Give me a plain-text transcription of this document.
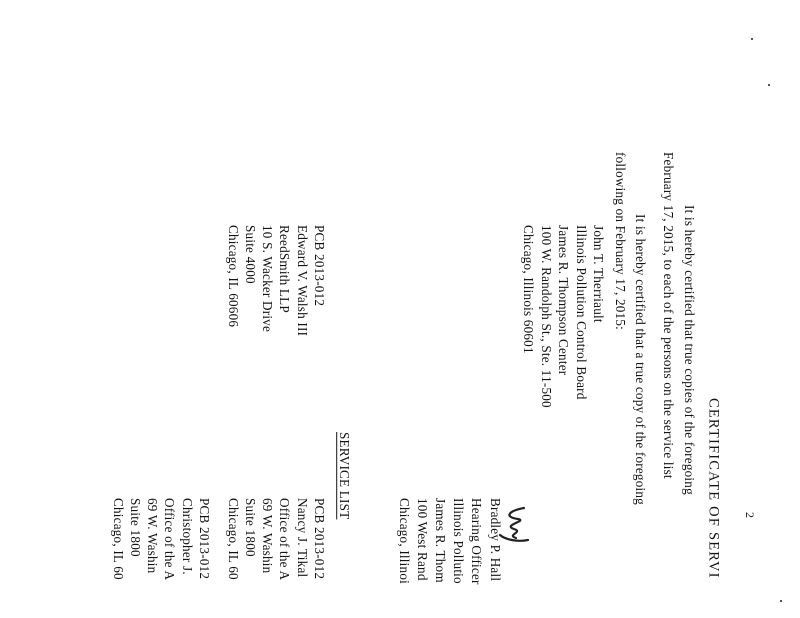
2
CERTIFICATE OF SERVI
It is hereby certified that true copies of the foregoing
February 17, 2015, to each of the persons on the service list
It is hereby certified that a true copy of the foregoing
following on February 17, 2015:
John T. Therriault
Illinois Pollution Control Board
James R. Thompson Center
100 W. Randolph St., Ste. 11-500
Chicago, Illinois 60601
Bradley P. Hall
Hearing Officer
Illinois Pollutio
James R. Thom
100 West Rand
Chicago, Illinoi
SERVICE LIST
PCB 2013-012
Edward V. Walsh III
ReedSmith LLP
10 S. Wacker Drive
Suite 4000
Chicago, IL 60606
PCB 2013-012
Nancy J. Tikal
Office of the A
69 W. Washin
Suite 1800
Chicago, IL 60
PCB 2013-012
Christopher J.
Office of the A
69 W. Washin
Suite 1800
Chicago, IL 60
